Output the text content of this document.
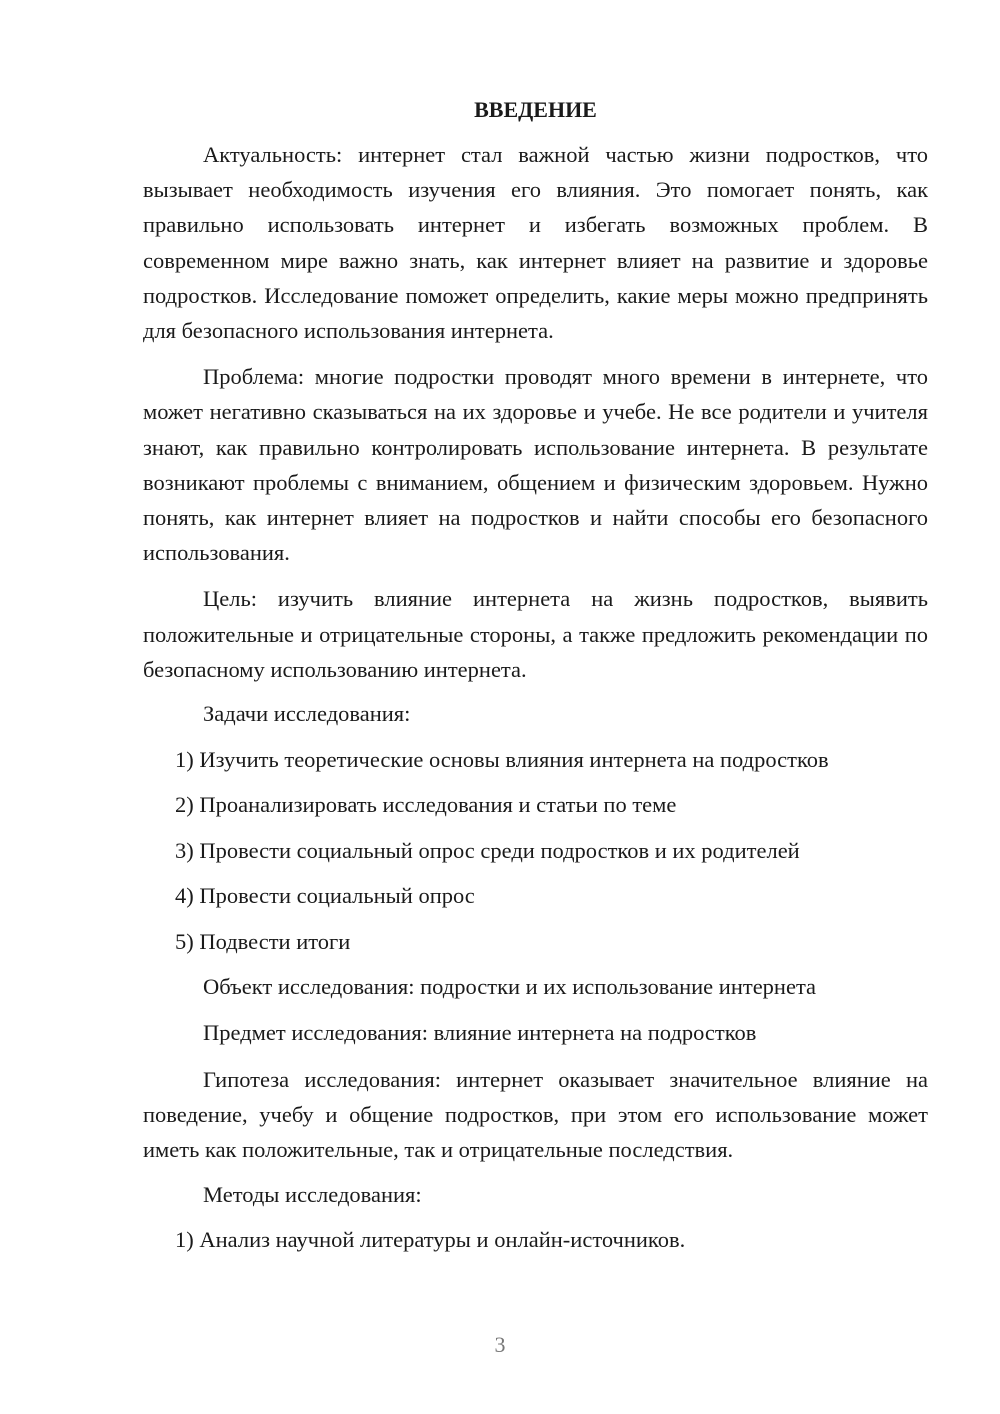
ВВЕДЕНИЕ

Актуальность: интернет стал важной частью жизни подростков, что вызывает необходимость изучения его влияния. Это помогает понять, как правильно использовать интернет и избегать возможных проблем. В современном мире важно знать, как интернет влияет на развитие и здоровье подростков. Исследование поможет определить, какие меры можно предпринять для безопасного использования интернета.

Проблема: многие подростки проводят много времени в интернете, что может негативно сказываться на их здоровье и учебе. Не все родители и учителя знают, как правильно контролировать использование интернета. В результате возникают проблемы с вниманием, общением и физическим здоровьем. Нужно понять, как интернет влияет на подростков и найти способы его безопасного использования.

Цель: изучить влияние интернета на жизнь подростков, выявить положительные и отрицательные стороны, а также предложить рекомендации по безопасному использованию интернета.

Задачи исследования:
1) Изучить теоретические основы влияния интернета на подростков
2) Проанализировать исследования и статьи по теме
3) Провести социальный опрос среди подростков и их родителей
4) Провести социальный опрос
5) Подвести итоги
Объект исследования: подростки и их использование интернета
Предмет исследования: влияние интернета на подростков

Гипотеза исследования: интернет оказывает значительное влияние на поведение, учебу и общение подростков, при этом его использование может иметь как положительные, так и отрицательные последствия.

Методы исследования:
1) Анализ научной литературы и онлайн-источников.
3
